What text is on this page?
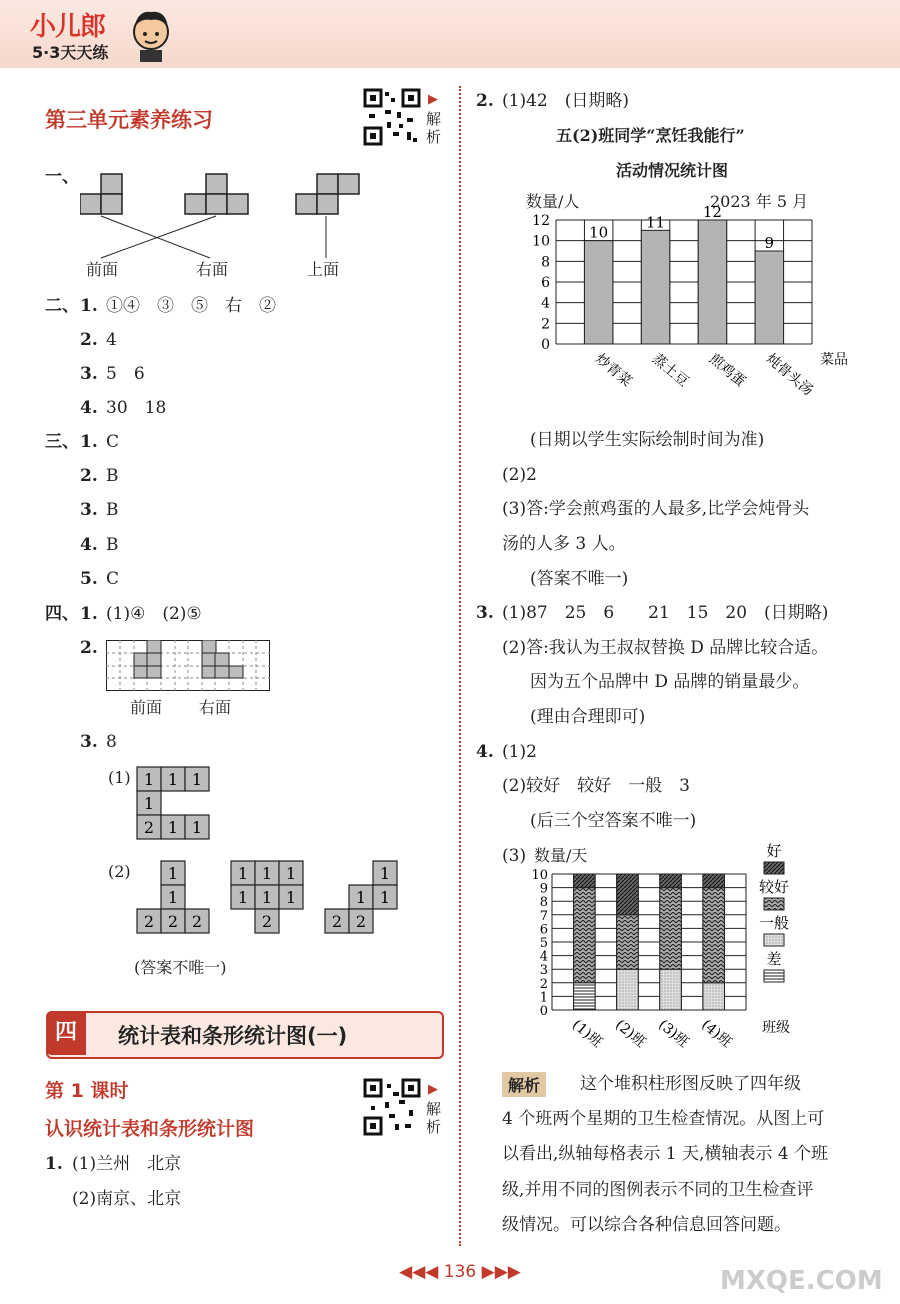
小儿郎
5·3天天练
第三单元素养练习
▶
解析
一、
前面	右面	上面
二、 1. ①④　③　⑤　右　②
2. 4
3. 5　6
4. 30　18
三、 1. C
2. B
3. B
4. B
5. C
四、 1. (1)④　(2)⑤
2.
前面 右面
3. 8
(1) 1 1 1
1
2 1 1
(2) 1
1
2 2 2
1 1 1
1 1 1
2
1
1 1
2 2
(答案不唯一)
四	统计表和条形统计图(一)
第 1 课时
认识统计表和条形统计图
▶
解析
1. (1)兰州　北京
(2)南京、北京
2. (1)42　(日期略)
五(2)班同学“烹饪我能行”
活动情况统计图
2023 年 5 月
数量/人
0
2
4
6
8
10
12
10
炒青菜
11
蒸土豆
12
煎鸡蛋
9
炖骨头汤 菜品
(日期以学生实际绘制时间为准)
(2)2
(3)答:学会煎鸡蛋的人最多,比学会炖骨头
汤的人多 3 人。
(答案不唯一)
3. (1)87　25　6　　21　15　20　(日期略)
(2)答:我认为王叔叔替换 D 品牌比较合适。
因为五个品牌中 D 品牌的销量最少。
(理由合理即可)
4. (1)2
(2)较好　较好　一般　3
(后三个空答案不唯一)
(3) 数量/天
0
1
2
3
4
5
6
7
8
9
10
(1)班 (2)班 (3)班 (4)班 班级
好
较好
一般
差
解析	这个堆积柱形图反映了四年级
4 个班两个星期的卫生检查情况。从图上可
以看出,纵轴每格表示 1 天,横轴表示 4 个班
级,并用不同的图例表示不同的卫生检查评
级情况。可以综合各种信息回答问题。
◀◀◀ 136 ▶▶▶	MXQE.COM
